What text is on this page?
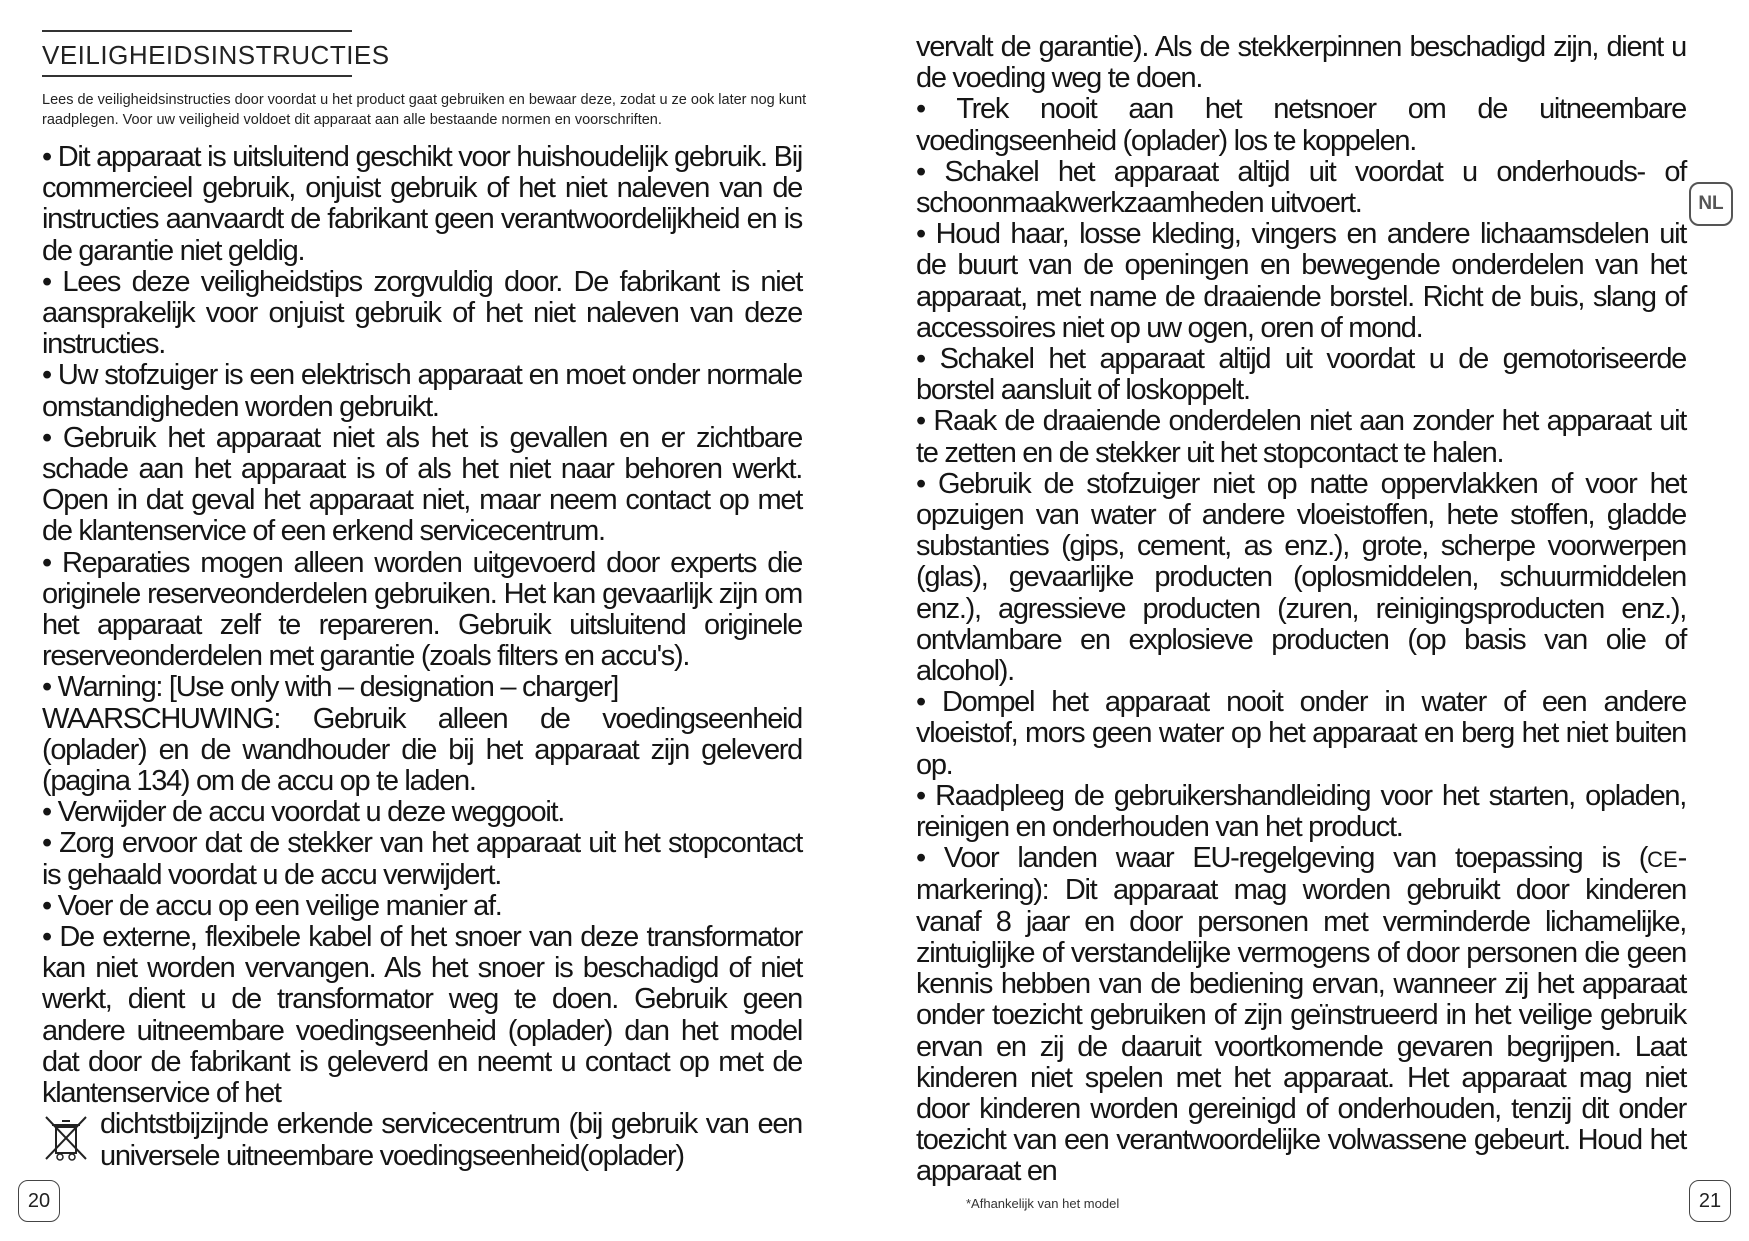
VEILIGHEIDSINSTRUCTIES
Lees de veiligheidsinstructies door voordat u het product gaat gebruiken en bewaar deze, zodat u ze ook later nog kunt raadplegen. Voor uw veiligheid voldoet dit apparaat aan alle bestaande normen en voorschriften.

• Dit apparaat is uitsluitend geschikt voor huishoudelijk gebruik. Bij commercieel gebruik, onjuist gebruik of het niet naleven van de instructies aanvaardt de fabrikant geen verantwoordelijkheid en is de garantie niet geldig.

• Lees deze veiligheidstips zorgvuldig door. De fabrikant is niet aansprakelijk voor onjuist gebruik of het niet naleven van deze instructies.

• Uw stofzuiger is een elektrisch apparaat en moet onder normale omstandigheden worden gebruikt.

• Gebruik het apparaat niet als het is gevallen en er zichtbare schade aan het apparaat is of als het niet naar behoren werkt. Open in dat geval het apparaat niet, maar neem contact op met de klantenservice of een erkend servicecentrum.

• Reparaties mogen alleen worden uitgevoerd door experts die originele reserveonderdelen gebruiken. Het kan gevaarlijk zijn om het apparaat zelf te repareren. Gebruik uitsluitend originele reserveonderdelen met garantie (zoals filters en accu's).

• Warning: [Use only with – designation – charger]

WAARSCHUWING: Gebruik alleen de voedingseenheid (oplader) en de wandhouder die bij het apparaat zijn geleverd (pagina 134) om de accu op te laden.

• Verwijder de accu voordat u deze weggooit.

• Zorg ervoor dat de stekker van het apparaat uit het stopcontact is gehaald voordat u de accu verwijdert.

• Voer de accu op een veilige manier af.

• De externe, flexibele kabel of het snoer van deze transformator kan niet worden vervangen. Als het snoer is beschadigd of niet werkt, dient u de transformator weg te doen. Gebruik geen andere uitneembare voedingseenheid (oplader) dan het model dat door de fabrikant is geleverd en neemt u contact op met de klantenservice of het

dichtstbijzijnde erkende servicecentrum (bij gebruik van een universele uitneembare voedingseenheid(oplader)
20

vervalt de garantie). Als de stekkerpinnen beschadigd zijn, dient u de voeding weg te doen.

• Trek nooit aan het netsnoer om de uitneembare voedingseenheid (oplader) los te koppelen.

• Schakel het apparaat altijd uit voordat u onderhouds- of schoonmaakwerkzaamheden uitvoert.

• Houd haar, losse kleding, vingers en andere lichaamsdelen uit de buurt van de openingen en bewegende onderdelen van het apparaat, met name de draaiende borstel. Richt de buis, slang of accessoires niet op uw ogen, oren of mond.

• Schakel het apparaat altijd uit voordat u de gemotoriseerde borstel aansluit of loskoppelt.

• Raak de draaiende onderdelen niet aan zonder het apparaat uit te zetten en de stekker uit het stopcontact te halen.

• Gebruik de stofzuiger niet op natte oppervlakken of voor het opzuigen van water of andere vloeistoffen, hete stoffen, gladde substanties (gips, cement, as enz.), grote, scherpe voorwerpen (glas), gevaarlijke producten (oplosmiddelen, schuurmiddelen enz.), agressieve producten (zuren, reinigingsproducten enz.), ontvlambare en explosieve producten (op basis van olie of alcohol).

• Dompel het apparaat nooit onder in water of een andere vloeistof, mors geen water op het apparaat en berg het niet buiten op.

• Raadpleeg de gebruikershandleiding voor het starten, opladen, reinigen en onderhouden van het product.

• Voor landen waar EU-regelgeving van toepassing is (CE-markering): Dit apparaat mag worden gebruikt door kinderen vanaf 8 jaar en door personen met verminderde lichamelijke, zintuiglijke of verstandelijke vermogens of door personen die geen kennis hebben van de bediening ervan, wanneer zij het apparaat onder toezicht gebruiken of zijn geïnstrueerd in het veilige gebruik ervan en zij de daaruit voortkomende gevaren begrijpen. Laat kinderen niet spelen met het apparaat. Het apparaat mag niet door kinderen worden gereinigd of onderhouden, tenzij dit onder toezicht van een verantwoordelijke volwassene gebeurt. Houd het apparaat en

NL
*Afhankelijk van het model	21
